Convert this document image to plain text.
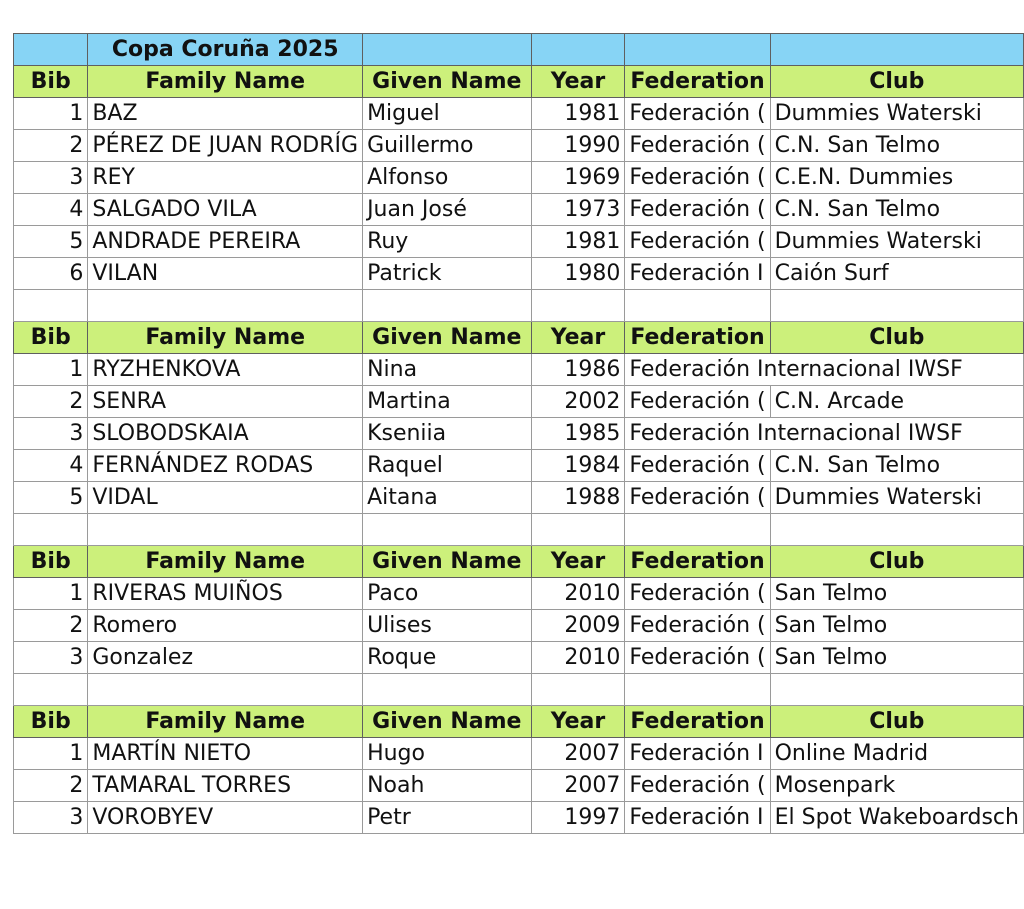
	Copa Coruña 2025				
Bib	Family Name	Given Name	Year	Federation	Club
1	BAZ	Miguel	1981	Federación (	Dummies Waterski
2	PÉREZ DE JUAN RODRÍG	Guillermo	1990	Federación (	C.N. San Telmo
3	REY	Alfonso	1969	Federación (	C.E.N. Dummies
4	SALGADO VILA	Juan José	1973	Federación (	C.N. San Telmo
5	ANDRADE PEREIRA	Ruy	1981	Federación (	Dummies Waterski
6	VILAN	Patrick	1980	Federación I	Caión Surf

Bib	Family Name	Given Name	Year	Federation	Club
1	RYZHENKOVA	Nina	1986	Federación Internacional IWSF	
2	SENRA	Martina	2002	Federación (	C.N. Arcade
3	SLOBODSKAIA	Kseniia	1985	Federación Internacional IWSF	
4	FERNÁNDEZ RODAS	Raquel	1984	Federación (	C.N. San Telmo
5	VIDAL	Aitana	1988	Federación (	Dummies Waterski

Bib	Family Name	Given Name	Year	Federation	Club
1	RIVERAS MUIÑOS	Paco	2010	Federación (	San Telmo
2	Romero	Ulises	2009	Federación (	San Telmo
3	Gonzalez	Roque	2010	Federación (	San Telmo

Bib	Family Name	Given Name	Year	Federation	Club
1	MARTÍN NIETO	Hugo	2007	Federación I	Online Madrid
2	TAMARAL TORRES	Noah	2007	Federación (	Mosenpark
3	VOROBYEV	Petr	1997	Federación I	El Spot Wakeboardsch
